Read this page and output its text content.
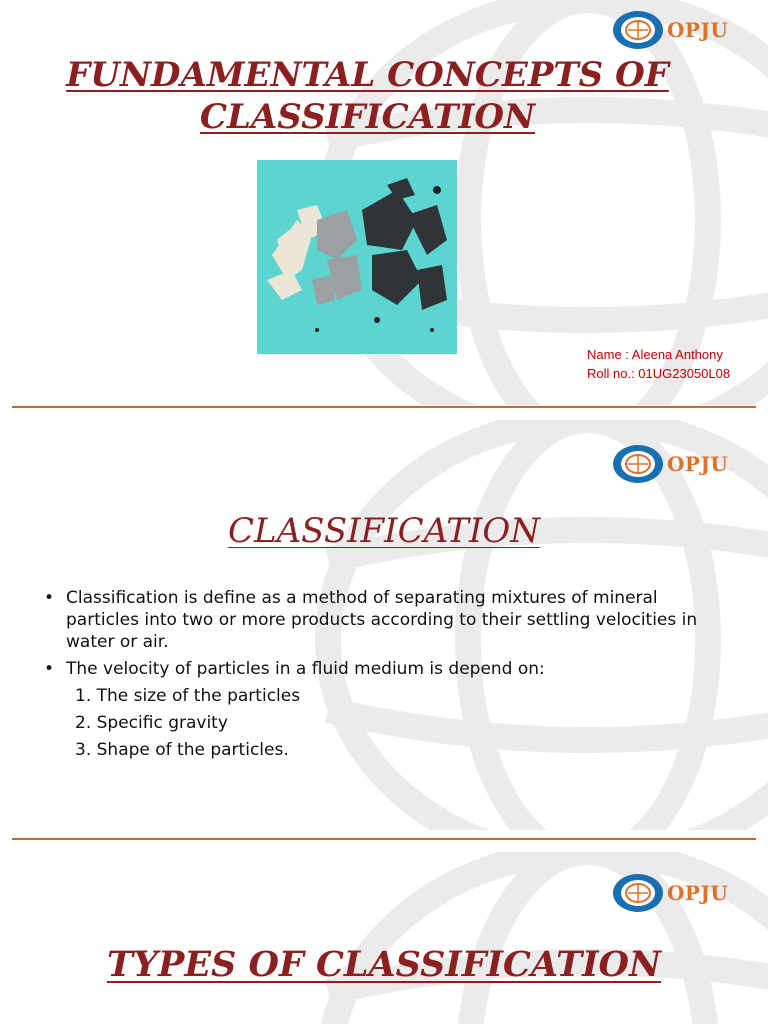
OPJU
FUNDAMENTAL CONCEPTS OF
CLASSIFICATION
Name : Aleena Anthony
Roll no.: 01UG23050L08
OPJU
CLASSIFICATION
• Classification is define as a method of separating mixtures of mineral particles into two or more products according to their settling velocities in water or air.
• The velocity of particles in a fluid medium is depend on:
1. The size of the particles
2. Specific gravity
3. Shape of the particles.
OPJU
TYPES OF CLASSIFICATION
